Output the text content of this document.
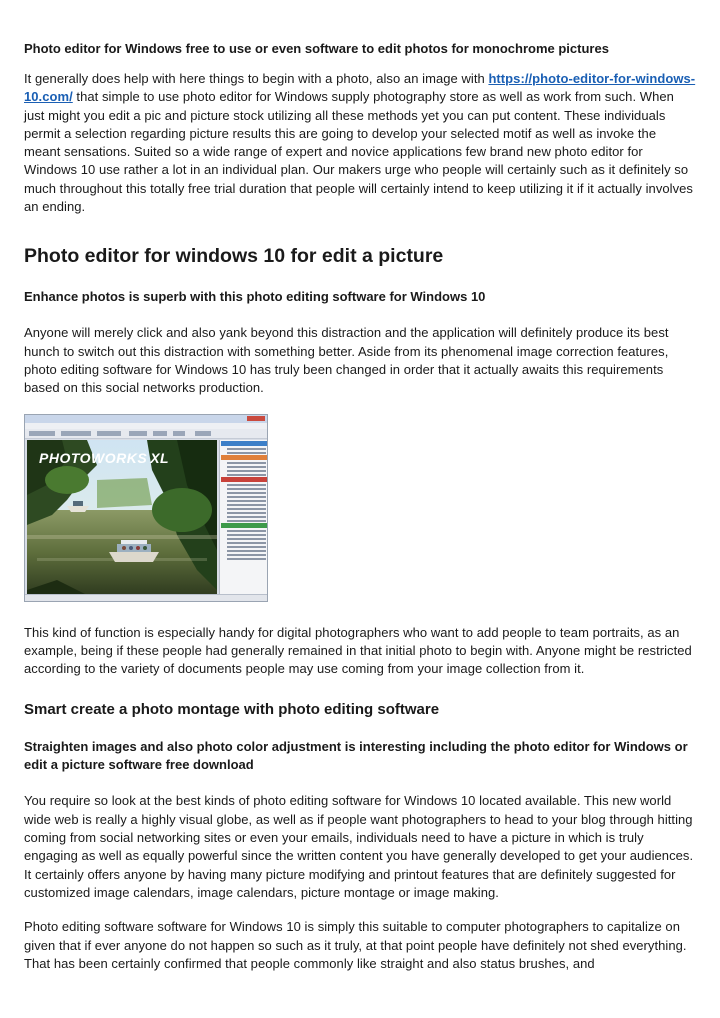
Photo editor for Windows free to use or even software to edit photos for monochrome pictures

It generally does help with here things to begin with a photo, also an image with https://photo-editor-for-windows-10.com/ that simple to use photo editor for Windows supply photography store as well as work from such. When just might you edit a pic and picture stock utilizing all these methods yet you can put content. These individuals permit a selection regarding picture results this are going to develop your selected motif as well as invoke the meant sensations. Suited so a wide range of expert and novice applications few brand new photo editor for Windows 10 use rather a lot in an individual plan. Our makers urge who people will certainly such as it definitely so much throughout this totally free trial duration that people will certainly intend to keep utilizing it if it actually involves an ending.

Photo editor for windows 10 for edit a picture
Enhance photos is superb with this photo editing software for Windows 10

Anyone will merely click and also yank beyond this distraction and the application will definitely produce its best hunch to switch out this distraction with something better. Aside from its phenomenal image correction features, photo editing software for Windows 10 has truly been changed in order that it actually awaits this requirements based on this social networks production.

PHOTOWORKS XL

This kind of function is especially handy for digital photographers who want to add people to team portraits, as an example, being if these people had generally remained in that initial photo to begin with. Anyone might be restricted according to the variety of documents people may use coming from your image collection from it.

Smart create a photo montage with photo editing software
Straighten images and also photo color adjustment is interesting including the photo editor for Windows or edit a picture software free download

You require so look at the best kinds of photo editing software for Windows 10 located available. This new world wide web is really a highly visual globe, as well as if people want photographers to head to your blog through hitting coming from social networking sites or even your emails, individuals need to have a picture in which is truly engaging as well as equally powerful since the written content you have generally developed to get your audiences. It certainly offers anyone by having many picture modifying and printout features that are definitely suggested for customized image calendars, image calendars, picture montage or image making.

Photo editing software software for Windows 10 is simply this suitable to computer photographers to capitalize on given that if ever anyone do not happen so such as it truly, at that point people have definitely not shed everything. That has been certainly confirmed that people commonly like straight and also status brushes, and
